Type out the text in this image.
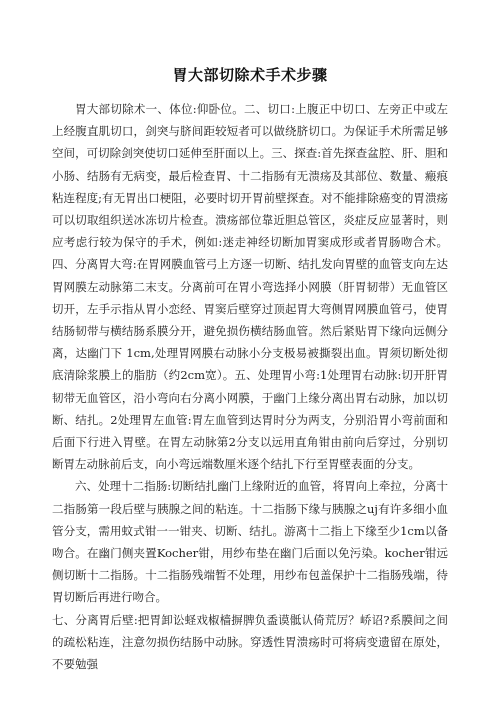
胃大部切除术手术步骤

胃大部切除术一、体位:仰卧位。二、切口:上腹正中切口、左旁正中或左上经腹直肌切口，剑突与脐间距较短者可以做绕脐切口。为保证手术所需足够空间，可切除剑突使切口延伸至肝面以上。三、探查:首先探查盆腔、肝、胆和小肠、结肠有无病变，最后检查胃、十二指肠有无溃疡及其部位、数量、瘢痕粘连程度;有无胃出口梗阻，必要时切开胃前壁探查。对不能排除癌变的胃溃疡可以切取组织送冰冻切片检查。溃疡部位靠近胆总管区，炎症反应显著时，则应考虑行较为保守的手术，例如:迷走神经切断加胃窦成形或者胃肠吻合术。四、分离胃大弯:在胃网膜血管弓上方逐一切断、结扎发向胃壁的血管支向左达胃网膜左动脉第二末支。分离前可在胃小弯选择小网膜（肝胃韧带）无血管区切开，左手示指从胃小恋经、胃窦后壁穿过顶起胃大弯侧胃网膜血管弓，使胃结肠韧带与横结肠系膜分开，避免损伤横结肠血管。然后紧贴胃下缘向远侧分离，达幽门下 1cm,处理胃网膜右动脉小分支极易被撕裂出血。胃须切断处彻底清除浆膜上的脂肪（约2cm宽）。五、处理胃小弯:1处理胃右动脉:切开肝胃韧带无血管区，沿小弯向右分离小网膜，于幽门上缘分离出胃右动脉，加以切断、结扎。2处理胃左血管:胃左血管到达胃时分为两支，分别沿胃小弯前面和后面下行进入胃壁。在胃左动脉第2分支以远用直角钳由前向后穿过，分别切断胃左动脉前后支，向小弯远端数厘米逐个结扎下行至胃壁表面的分支。

六、处理十二指肠:切断结扎幽门上缘附近的血管，将胃向上牵拉，分离十二指肠第一段后壁与胰腺之间的粘连。十二指肠下缘与胰腺之uj有许多细小血管分支，需用蚊式钳一一钳夹、切断、结扎。游离十二指上下缘至少1cm以备吻合。在幽门侧夹置Kocher钳，用纱布垫在幽门后面以免污染。kocher钳远侧切断十二指肠。十二指肠残端暂不处理，用纱布包盖保护十二指肠残端，待胃切断后再进行吻合。

七、分离胃后壁:把胃卸讼蛏戏椒樯摒脾负盉谟骶认倚荒厉？峤诏?系膜间之间的疏松粘连，注意勿损伤结肠中动脉。穿透性胃溃疡时可将病变遗留在原处，不要勉强
